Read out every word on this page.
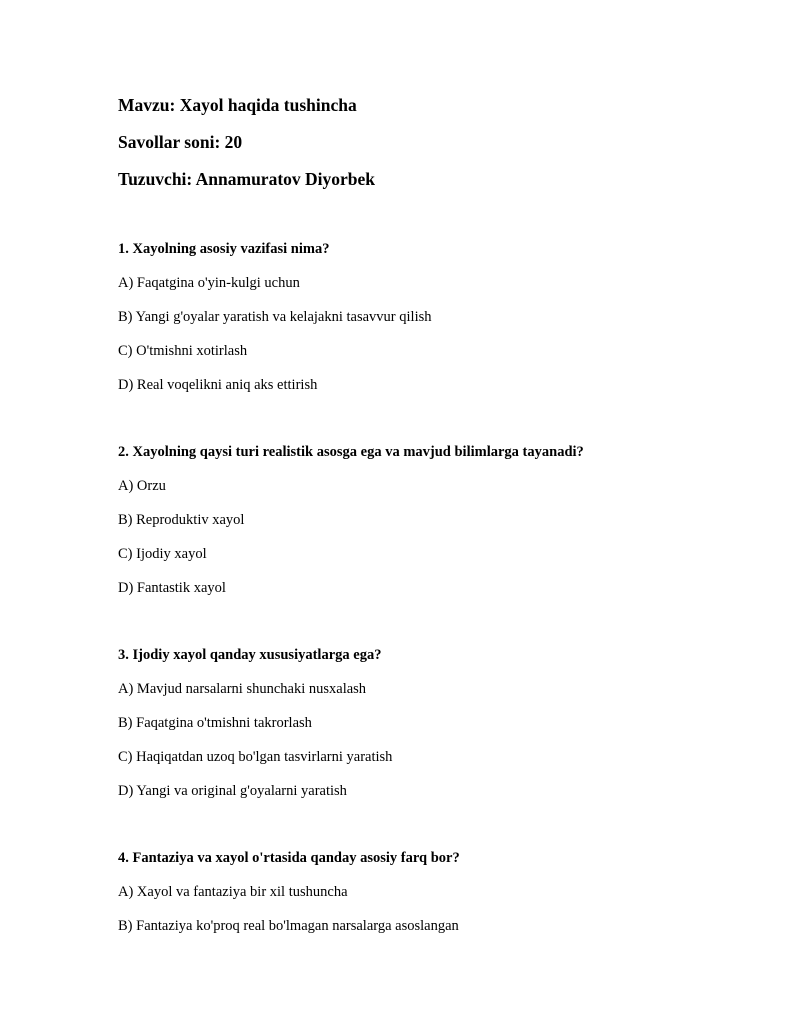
Mavzu: Xayol haqida tushincha
Savollar soni: 20
Tuzuvchi: Annamuratov Diyorbek
1. Xayolning asosiy vazifasi nima?
A) Faqatgina o'yin-kulgi uchun
B) Yangi g'oyalar yaratish va kelajakni tasavvur qilish
C) O'tmishni xotirlash
D) Real voqelikni aniq aks ettirish
2. Xayolning qaysi turi realistik asosga ega va mavjud bilimlarga tayanadi?
A) Orzu
B) Reproduktiv xayol
C) Ijodiy xayol
D) Fantastik xayol
3. Ijodiy xayol qanday xususiyatlarga ega?
A) Mavjud narsalarni shunchaki nusxalash
B) Faqatgina o'tmishni takrorlash
C) Haqiqatdan uzoq bo'lgan tasvirlarni yaratish
D) Yangi va original g'oyalarni yaratish
4. Fantaziya va xayol o'rtasida qanday asosiy farq bor?
A) Xayol va fantaziya bir xil tushuncha
B) Fantaziya ko'proq real bo'lmagan narsalarga asoslangan
